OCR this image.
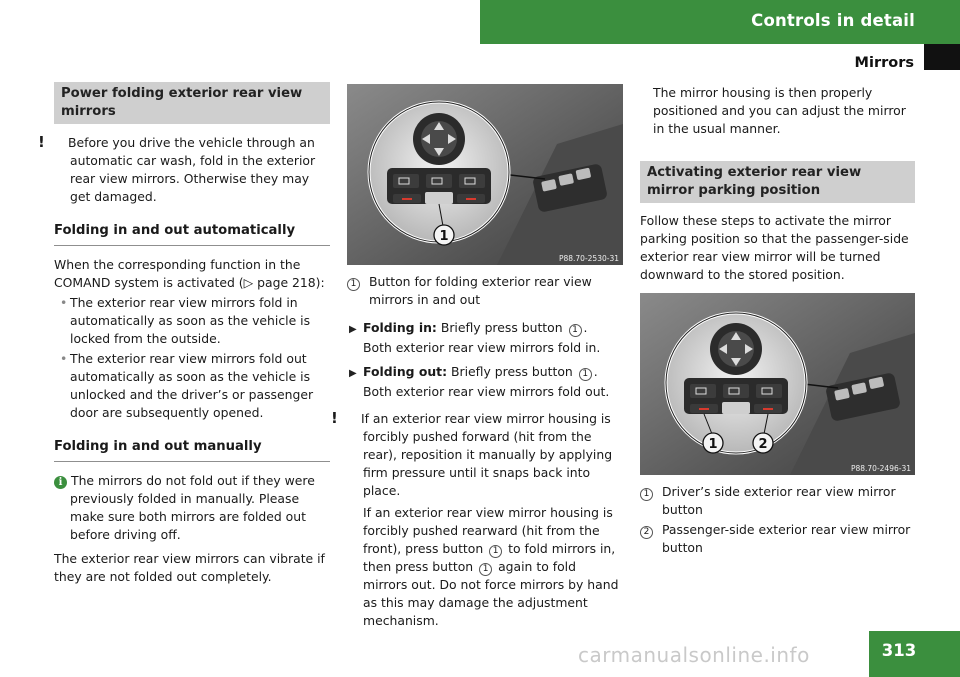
Controls in detail
Mirrors
Power folding exterior rear view mirrors

! Before you drive the vehicle through an automatic car wash, fold in the exterior rear view mirrors. Otherwise they may get damaged.

Folding in and out automatically

When the corresponding function in the COMAND system is activated (▷ page 218):

• The exterior rear view mirrors fold in automatically as soon as the vehicle is locked from the outside.

• The exterior rear view mirrors fold out automatically as soon as the vehicle is unlocked and the driver’s or passenger door are subsequently opened.

Folding in and out manually

i The mirrors do not fold out if they were previously folded in manually. Please make sure both mirrors are folded out before driving off.

The exterior rear view mirrors can vibrate if they are not folded out completely.

1
P88.70-2530-31

1 Button for folding exterior rear view mirrors in and out

▶ Folding in: Briefly press button 1 .
Both exterior rear view mirrors fold in.

▶ Folding out: Briefly press button 1 .
Both exterior rear view mirrors fold out.

! If an exterior rear view mirror housing is forcibly pushed forward (hit from the rear), reposition it manually by applying firm pressure until it snaps back into place.

If an exterior rear view mirror housing is forcibly pushed rearward (hit from the front), press button 1 to fold mirrors in, then press button 1 again to fold mirrors out. Do not force mirrors by hand as this may damage the adjustment mechanism.

The mirror housing is then properly positioned and you can adjust the mirror in the usual manner.

Activating exterior rear view mirror parking position

Follow these steps to activate the mirror parking position so that the passenger-side exterior rear view mirror will be turned downward to the stored position.

1	2
P88.70-2496-31

1 Driver’s side exterior rear view mirror button

2 Passenger-side exterior rear view mirror button

carmanualsonline.info	313
